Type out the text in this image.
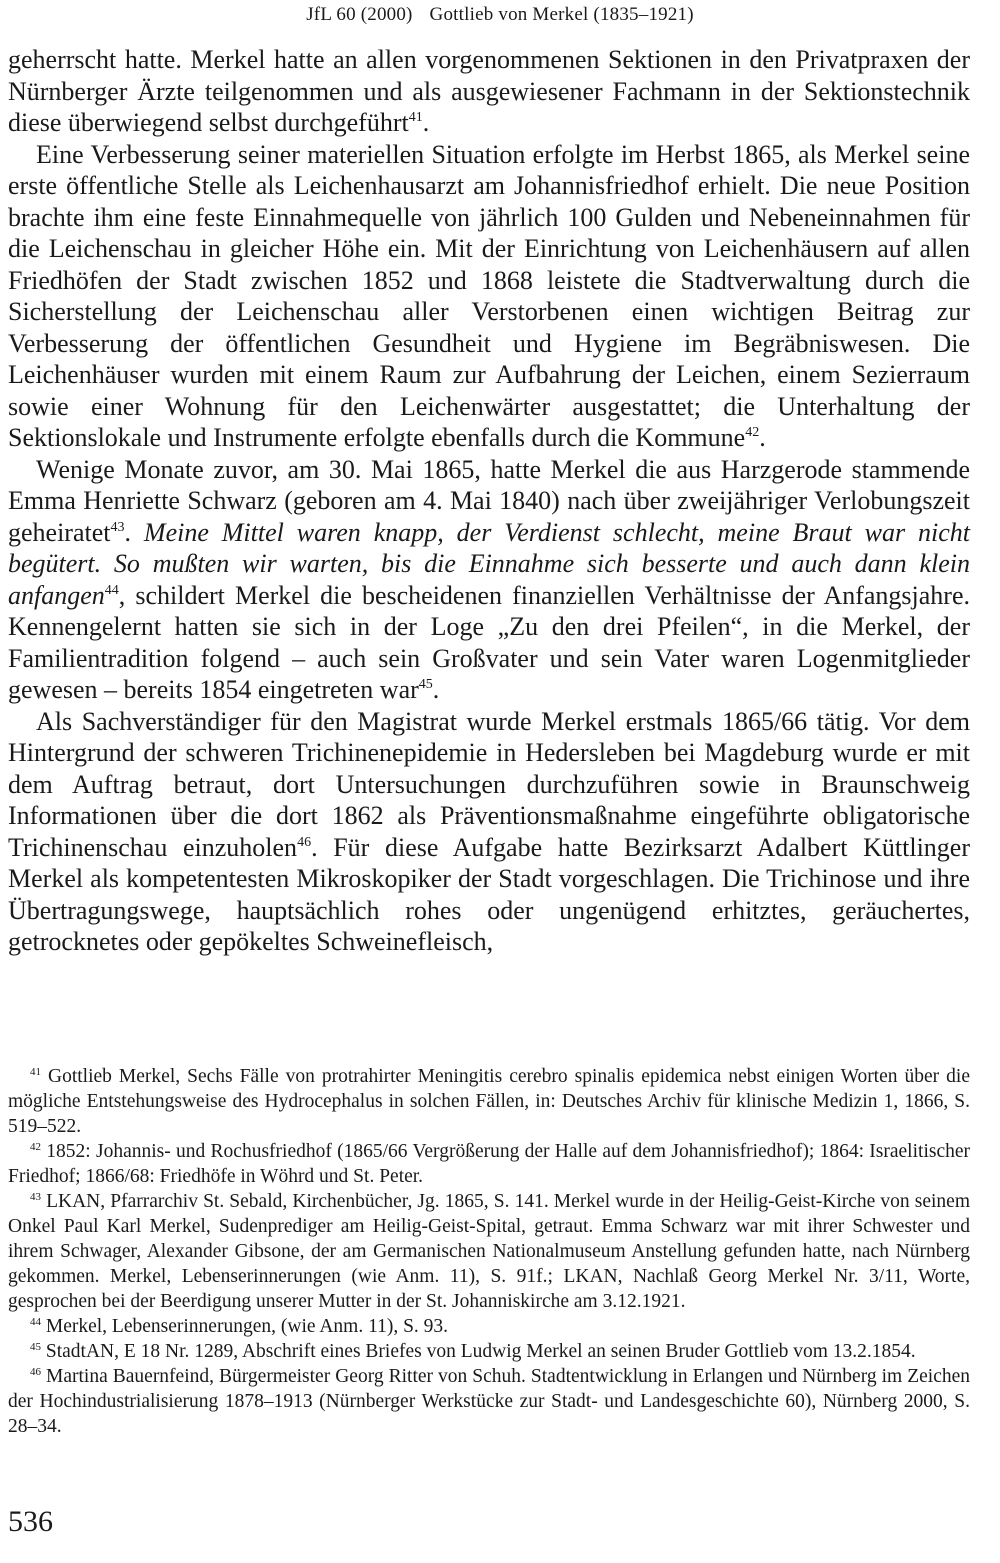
JfL 60 (2000) Gottlieb von Merkel (1835–1921)

geherrscht hatte. Merkel hatte an allen vorgenommenen Sektionen in den Privatpraxen der Nürnberger Ärzte teilgenommen und als ausgewiesener Fachmann in der Sektionstechnik diese überwiegend selbst durchgeführt$^{41}$.

Eine Verbesserung seiner materiellen Situation erfolgte im Herbst 1865, als Merkel seine erste öffentliche Stelle als Leichenhausarzt am Johannisfriedhof erhielt. Die neue Position brachte ihm eine feste Einnahmequelle von jährlich 100 Gulden und Nebeneinnahmen für die Leichenschau in gleicher Höhe ein. Mit der Einrichtung von Leichenhäusern auf allen Friedhöfen der Stadt zwischen 1852 und 1868 leistete die Stadtverwaltung durch die Sicherstellung der Leichenschau aller Verstorbenen einen wichtigen Beitrag zur Verbesserung der öffentlichen Gesundheit und Hygiene im Begräbniswesen. Die Leichenhäuser wurden mit einem Raum zur Aufbahrung der Leichen, einem Sezierraum sowie einer Wohnung für den Leichenwärter ausgestattet; die Unterhaltung der Sektionslokale und Instrumente erfolgte ebenfalls durch die Kommune$^{42}$.

Wenige Monate zuvor, am 30. Mai 1865, hatte Merkel die aus Harzgerode stammende Emma Henriette Schwarz (geboren am 4. Mai 1840) nach über zweijähriger Verlobungszeit geheiratet$^{43}$. Meine Mittel waren knapp, der Verdienst schlecht, meine Braut war nicht begütert. So mußten wir warten, bis die Einnahme sich besserte und auch dann klein anfangen$^{44}$, schildert Merkel die bescheidenen finanziellen Verhältnisse der Anfangsjahre. Kennengelernt hatten sie sich in der Loge „Zu den drei Pfeilen“, in die Merkel, der Familientradition folgend – auch sein Großvater und sein Vater waren Logenmitglieder gewesen – bereits 1854 eingetreten war$^{45}$.

Als Sachverständiger für den Magistrat wurde Merkel erstmals 1865/66 tätig. Vor dem Hintergrund der schweren Trichinenepidemie in Hedersleben bei Magdeburg wurde er mit dem Auftrag betraut, dort Untersuchungen durchzuführen sowie in Braunschweig Informationen über die dort 1862 als Präventionsmaßnahme eingeführte obligatorische Trichinenschau einzuholen$^{46}$. Für diese Aufgabe hatte Bezirksarzt Adalbert Küttlinger Merkel als kompetentesten Mikroskopiker der Stadt vorgeschlagen. Die Trichinose und ihre Übertragungswege, hauptsächlich rohes oder ungenügend erhitztes, geräuchertes, getrocknetes oder gepökeltes Schweinefleisch,

$^{41}$ Gottlieb Merkel, Sechs Fälle von protrahirter Meningitis cerebro spinalis epidemica nebst einigen Worten über die mögliche Entstehungsweise des Hydrocephalus in solchen Fällen, in: Deutsches Archiv für klinische Medizin 1, 1866, S. 519–522.

$^{42}$ 1852: Johannis- und Rochusfriedhof (1865/66 Vergrößerung der Halle auf dem Johannisfriedhof); 1864: Israelitischer Friedhof; 1866/68: Friedhöfe in Wöhrd und St. Peter.

$^{43}$ LKAN, Pfarrarchiv St. Sebald, Kirchenbücher, Jg. 1865, S. 141. Merkel wurde in der Heilig-Geist-Kirche von seinem Onkel Paul Karl Merkel, Sudenprediger am Heilig-Geist-Spital, getraut. Emma Schwarz war mit ihrer Schwester und ihrem Schwager, Alexander Gibsone, der am Germanischen Nationalmuseum Anstellung gefunden hatte, nach Nürnberg gekommen. Merkel, Lebenserinnerungen (wie Anm. 11), S. 91f.; LKAN, Nachlaß Georg Merkel Nr. 3/11, Worte, gesprochen bei der Beerdigung unserer Mutter in der St. Johanniskirche am 3.12.1921.

$^{44}$ Merkel, Lebenserinnerungen, (wie Anm. 11), S. 93.

$^{45}$ StadtAN, E 18 Nr. 1289, Abschrift eines Briefes von Ludwig Merkel an seinen Bruder Gottlieb vom 13.2.1854.

$^{46}$ Martina Bauernfeind, Bürgermeister Georg Ritter von Schuh. Stadtentwicklung in Erlangen und Nürnberg im Zeichen der Hochindustrialisierung 1878–1913 (Nürnberger Werkstücke zur Stadt- und Landesgeschichte 60), Nürnberg 2000, S. 28–34.

536
